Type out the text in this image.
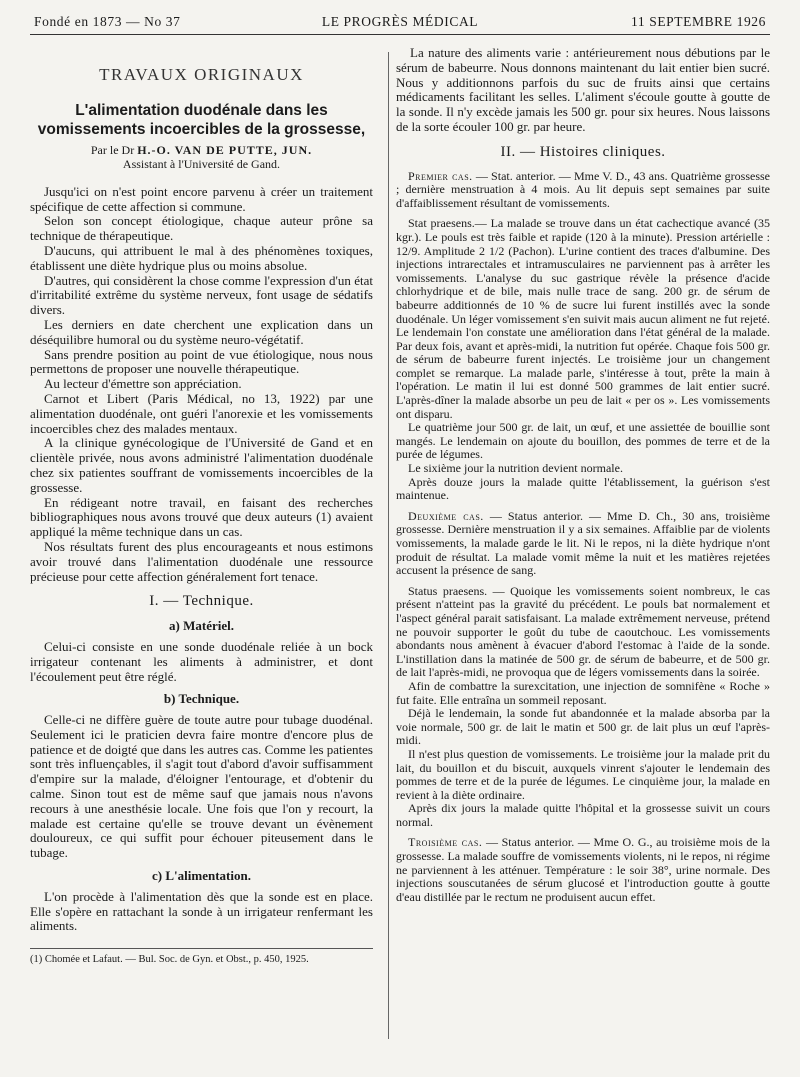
Fondé en 1873 — No 37	LE PROGRÈS MÉDICAL	11 SEPTEMBRE 1926
TRAVAUX ORIGINAUX
L'alimentation duodénale dans les vomissements incoercibles de la grossesse,
Par le Dr H.-O. VAN DE PUTTE, JUN.
Assistant à l'Université de Gand.

Jusqu'ici on n'est point encore parvenu à créer un traitement spécifique de cette affection si commune.

Selon son concept étiologique, chaque auteur prône sa technique de thérapeutique.

D'aucuns, qui attribuent le mal à des phénomènes toxiques, établissent une diète hydrique plus ou moins absolue.

D'autres, qui considèrent la chose comme l'expression d'un état d'irritabilité extrême du système nerveux, font usage de sédatifs divers.

Les derniers en date cherchent une explication dans un déséquilibre humoral ou du système neuro-végétatif.

Sans prendre position au point de vue étiologique, nous nous permettons de proposer une nouvelle thérapeutique.

Au lecteur d'émettre son appréciation.

Carnot et Libert (Paris Médical, no 13, 1922) par une alimentation duodénale, ont guéri l'anorexie et les vomissements incoercibles chez des malades mentaux.

A la clinique gynécologique de l'Université de Gand et en clientèle privée, nous avons administré l'alimentation duodénale chez six patientes souffrant de vomissements incoercibles de la grossesse.

En rédigeant notre travail, en faisant des recherches bibliographiques nous avons trouvé que deux auteurs (1) avaient appliqué la même technique dans un cas.

Nos résultats furent des plus encourageants et nous estimons avoir trouvé dans l'alimentation duodénale une ressource précieuse pour cette affection généralement fort tenace.

I. — Technique.
a) Matériel.

Celui-ci consiste en une sonde duodénale reliée à un bock irrigateur contenant les aliments à administrer, et dont l'écoulement peut être réglé.

b) Technique.

Celle-ci ne diffère guère de toute autre pour tubage duodénal. Seulement ici le praticien devra faire montre d'encore plus de patience et de doigté que dans les autres cas. Comme les patientes sont très influençables, il s'agit tout d'abord d'avoir suffisamment d'empire sur la malade, d'éloigner l'entourage, et d'obtenir du calme. Sinon tout est de même sauf que jamais nous n'avons recours à une anesthésie locale. Une fois que l'on y recourt, la malade est certaine qu'elle se trouve devant un évènement douloureux, ce qui suffit pour échouer piteusement dans le tubage.

c) L'alimentation.

L'on procède à l'alimentation dès que la sonde est en place. Elle s'opère en rattachant la sonde à un irrigateur renfermant les aliments.

(1) Chomée et Lafaut. — Bul. Soc. de Gyn. et Obst., p. 450, 1925.

La nature des aliments varie : antérieurement nous débutions par le sérum de babeurre. Nous donnons maintenant du lait entier bien sucré. Nous y additionnons parfois du suc de fruits ainsi que certains médicaments facilitant les selles. L'aliment s'écoule goutte à goutte de la sonde. Il n'y excède jamais les 500 gr. pour six heures. Nous laissons de la sorte écouler 100 gr. par heure.

II. — Histoires cliniques.

Premier cas. — Stat. anterior. — Mme V. D., 43 ans. Quatrième grossesse ; dernière menstruation à 4 mois. Au lit depuis sept semaines par suite d'affaiblissement résultant de vomissements.

Stat praesens.— La malade se trouve dans un état cachectique avancé (35 kgr.). Le pouls est très faible et rapide (120 à la minute). Pression artérielle : 12/9. Amplitude 2 1/2 (Pachon). L'urine contient des traces d'albumine. Des injections intrarectales et intramusculaires ne parviennent pas à arrêter les vomissements. L'analyse du suc gastrique révèle la présence d'acide chlorhydrique et de bile, mais nulle trace de sang. 200 gr. de sérum de babeurre additionnés de 10 % de sucre lui furent instillés avec la sonde duodénale. Un léger vomissement s'en suivit mais aucun aliment ne fut rejeté. Le lendemain l'on constate une amélioration dans l'état général de la malade. Par deux fois, avant et après-midi, la nutrition fut opérée. Chaque fois 500 gr. de sérum de babeurre furent injectés. Le troisième jour un changement complet se remarque. La malade parle, s'intéresse à tout, prête la main à l'opération. Le matin il lui est donné 500 grammes de lait entier sucré. L'après-dîner la malade absorbe un peu de lait « per os ». Les vomissements ont disparu.

Le quatrième jour 500 gr. de lait, un œuf, et une assiettée de bouillie sont mangés. Le lendemain on ajoute du bouillon, des pommes de terre et de la purée de légumes.

Le sixième jour la nutrition devient normale.

Après douze jours la malade quitte l'établissement, la guérison s'est maintenue.

Deuxième cas. — Status anterior. — Mme D. Ch., 30 ans, troisième grossesse. Dernière menstruation il y a six semaines. Affaiblie par de violents vomissements, la malade garde le lit. Ni le repos, ni la diète hydrique n'ont produit de résultat. La malade vomit même la nuit et les matières rejetées accusent la présence de sang.

Status praesens. — Quoique les vomissements soient nombreux, le cas présent n'atteint pas la gravité du précédent. Le pouls bat normalement et l'aspect général parait satisfaisant. La malade extrêmement nerveuse, prétend ne pouvoir supporter le goût du tube de caoutchouc. Les vomissements abondants nous amènent à évacuer d'abord l'estomac à l'aide de la sonde. L'instillation dans la matinée de 500 gr. de sérum de babeurre, et de 500 gr. de lait l'après-midi, ne provoqua que de légers vomissements dans la soirée.

Afin de combattre la surexcitation, une injection de somnifène « Roche » fut faite. Elle entraîna un sommeil reposant.

Déjà le lendemain, la sonde fut abandonnée et la malade absorba par la voie normale, 500 gr. de lait le matin et 500 gr. de lait plus un œuf l'après-midi.

Il n'est plus question de vomissements. Le troisième jour la malade prit du lait, du bouillon et du biscuit, auxquels vinrent s'ajouter le lendemain des pommes de terre et de la purée de légumes. Le cinquième jour, la malade en revient à la diète ordinaire.

Après dix jours la malade quitte l'hôpital et la grossesse suivit un cours normal.

Troisième cas. — Status anterior. — Mme O. G., au troisième mois de la grossesse. La malade souffre de vomissements violents, ni le repos, ni régime ne parviennent à les atténuer. Température : le soir 38°, urine normale. Des injections souscutanées de sérum glucosé et l'introduction goutte à goutte d'eau distillée par le rectum ne produisent aucun effet.
